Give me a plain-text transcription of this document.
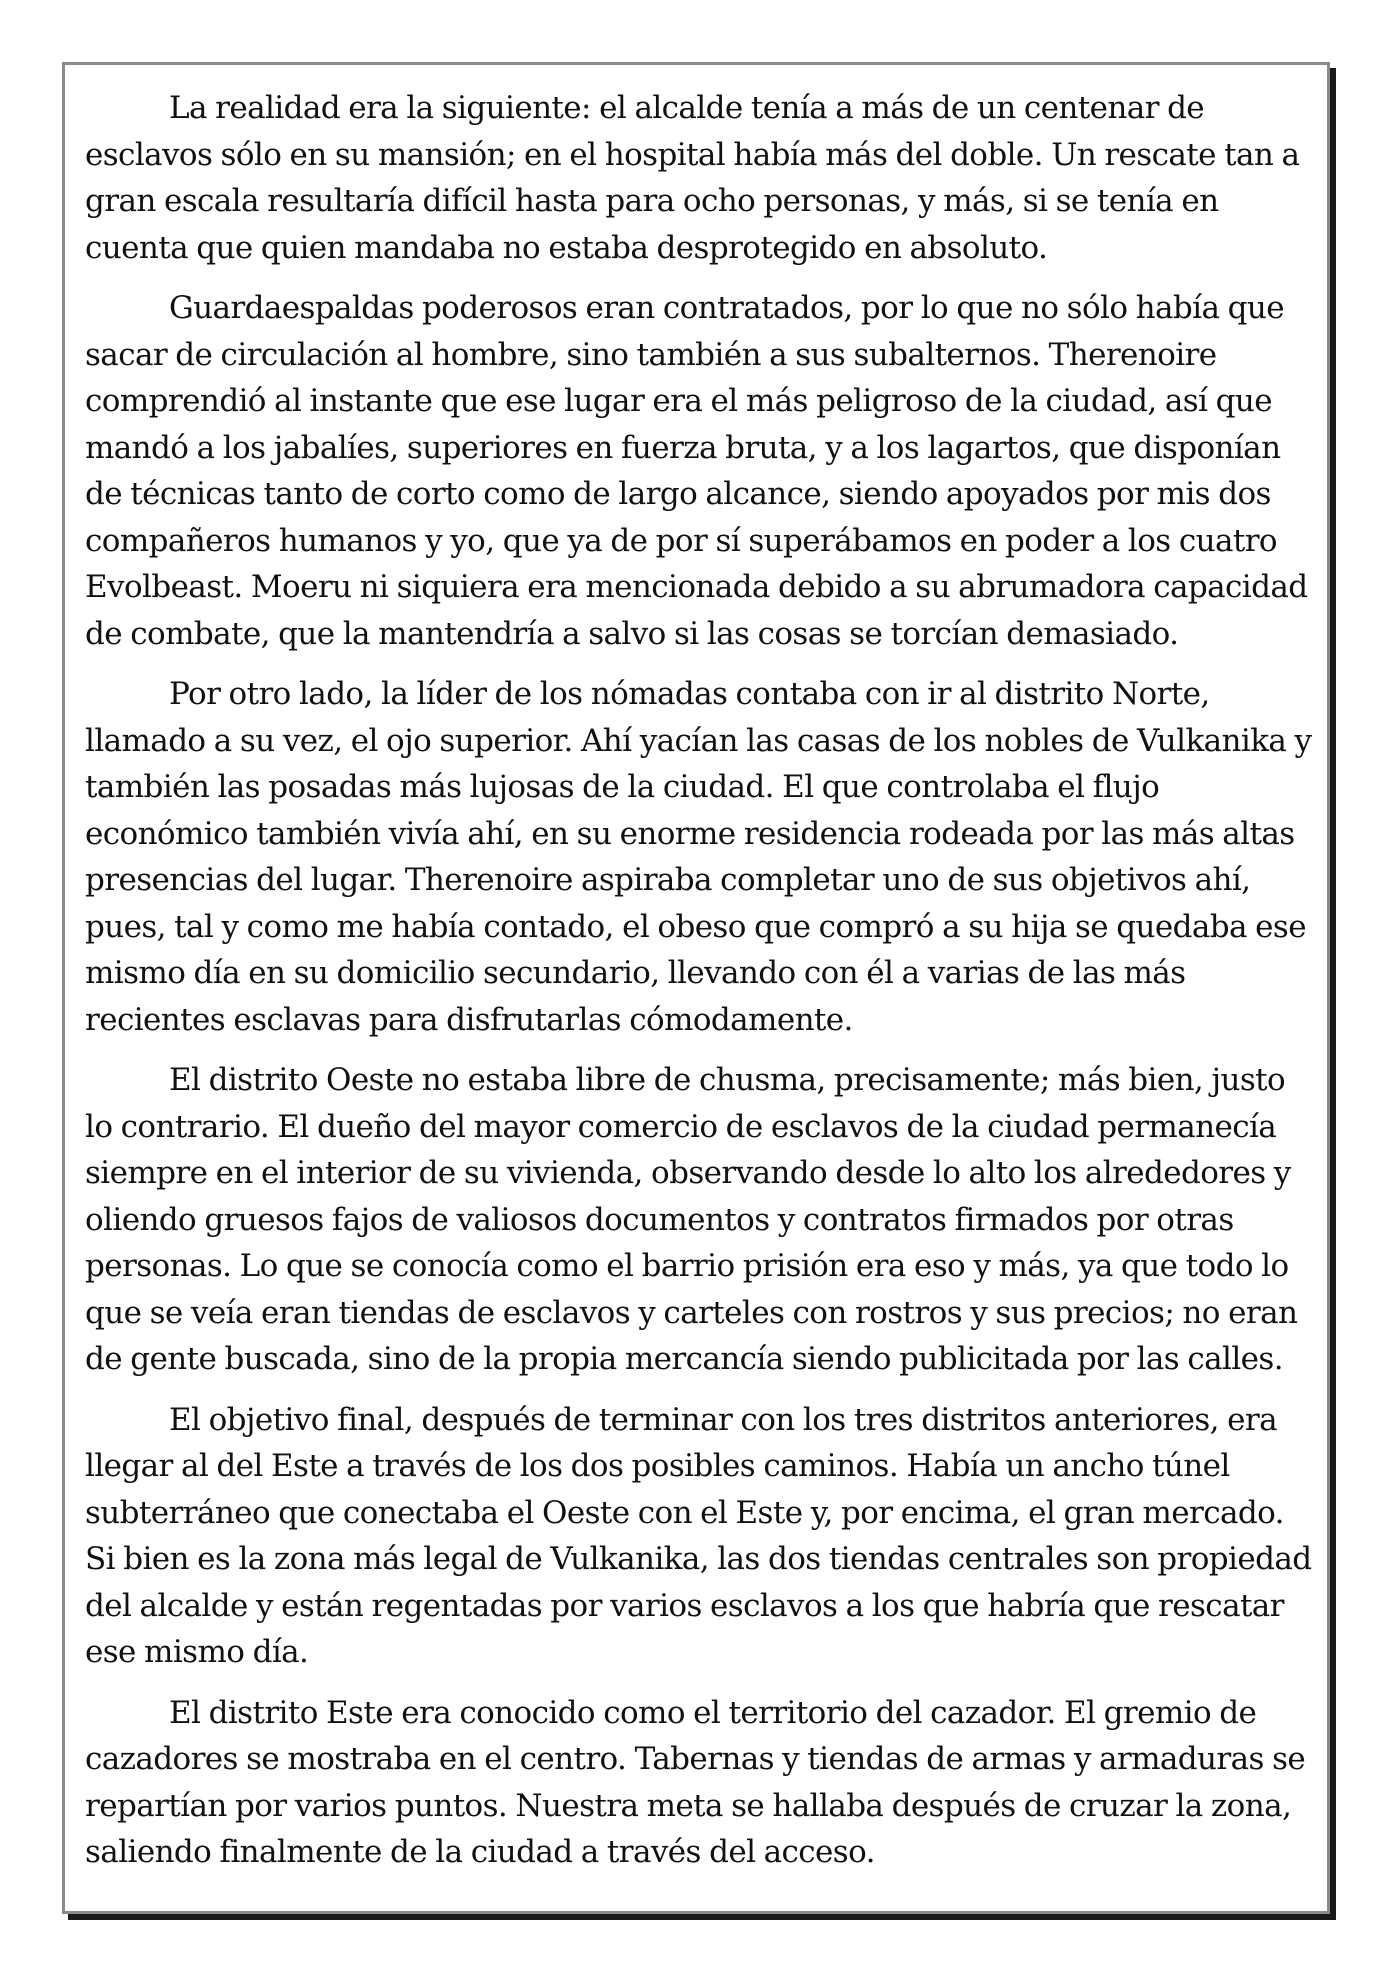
La realidad era la siguiente: el alcalde tenía a más de un centenar de esclavos sólo en su mansión; en el hospital había más del doble. Un rescate tan a gran escala resultaría difícil hasta para ocho personas, y más, si se tenía en cuenta que quien mandaba no estaba desprotegido en absoluto.

Guardaespaldas poderosos eran contratados, por lo que no sólo había que sacar de circulación al hombre, sino también a sus subalternos. Therenoire comprendió al instante que ese lugar era el más peligroso de la ciudad, así que mandó a los jabalíes, superiores en fuerza bruta, y a los lagartos, que disponían de técnicas tanto de corto como de largo alcance, siendo apoyados por mis dos compañeros humanos y yo, que ya de por sí superábamos en poder a los cuatro Evolbeast. Moeru ni siquiera era mencionada debido a su abrumadora capacidad de combate, que la mantendría a salvo si las cosas se torcían demasiado.

Por otro lado, la líder de los nómadas contaba con ir al distrito Norte, llamado a su vez, el ojo superior. Ahí yacían las casas de los nobles de Vulkanika y también las posadas más lujosas de la ciudad. El que controlaba el flujo económico también vivía ahí, en su enorme residencia rodeada por las más altas presencias del lugar. Therenoire aspiraba completar uno de sus objetivos ahí, pues, tal y como me había contado, el obeso que compró a su hija se quedaba ese mismo día en su domicilio secundario, llevando con él a varias de las más recientes esclavas para disfrutarlas cómodamente.

El distrito Oeste no estaba libre de chusma, precisamente; más bien, justo lo contrario. El dueño del mayor comercio de esclavos de la ciudad permanecía siempre en el interior de su vivienda, observando desde lo alto los alrededores y oliendo gruesos fajos de valiosos documentos y contratos firmados por otras personas. Lo que se conocía como el barrio prisión era eso y más, ya que todo lo que se veía eran tiendas de esclavos y carteles con rostros y sus precios; no eran de gente buscada, sino de la propia mercancía siendo publicitada por las calles.

El objetivo final, después de terminar con los tres distritos anteriores, era llegar al del Este a través de los dos posibles caminos. Había un ancho túnel subterráneo que conectaba el Oeste con el Este y, por encima, el gran mercado. Si bien es la zona más legal de Vulkanika, las dos tiendas centrales son propiedad del alcalde y están regentadas por varios esclavos a los que habría que rescatar ese mismo día.

El distrito Este era conocido como el territorio del cazador. El gremio de cazadores se mostraba en el centro. Tabernas y tiendas de armas y armaduras se repartían por varios puntos. Nuestra meta se hallaba después de cruzar la zona, saliendo finalmente de la ciudad a través del acceso.
